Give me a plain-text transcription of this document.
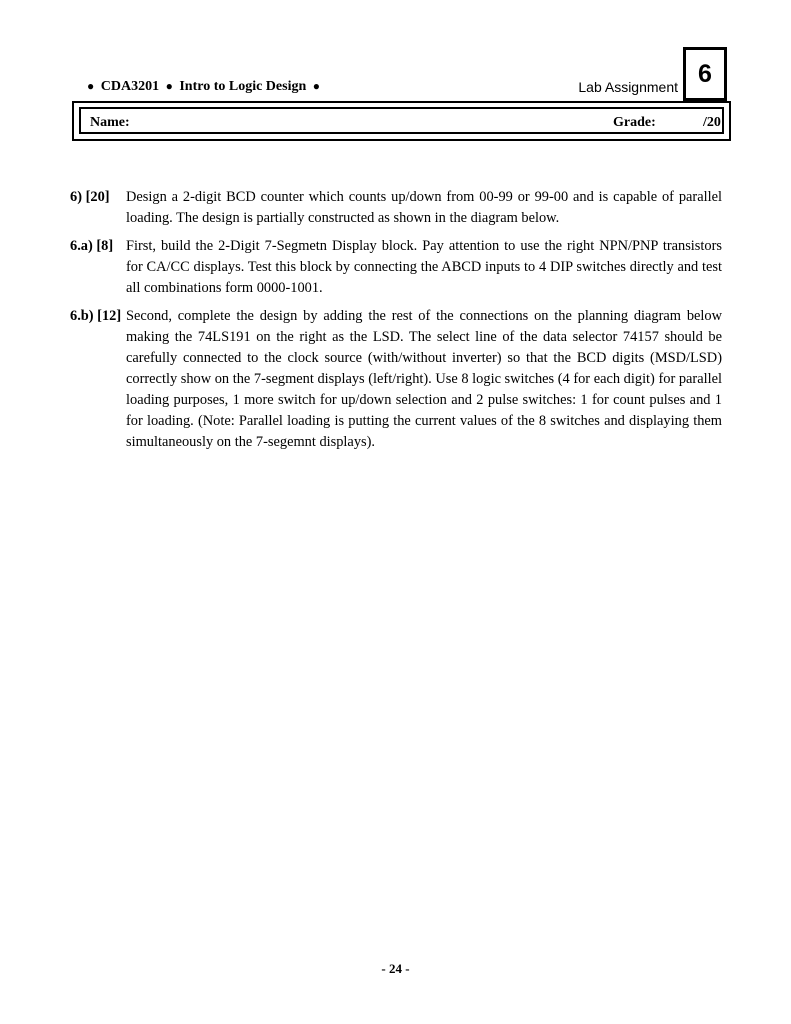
● CDA3201 ● Intro to Logic Design ●	Lab Assignment 6
Name:	Grade:	/20
6) [20] Design a 2-digit BCD counter which counts up/down from 00-99 or 99-00 and is capable of parallel loading. The design is partially constructed as shown in the diagram below.
6.a) [8] First, build the 2-Digit 7-Segmetn Display block. Pay attention to use the right NPN/PNP transistors for CA/CC displays. Test this block by connecting the ABCD inputs to 4 DIP switches directly and test all combinations form 0000-1001.
6.b) [12] Second, complete the design by adding the rest of the connections on the planning diagram below making the 74LS191 on the right as the LSD. The select line of the data selector 74157 should be carefully connected to the clock source (with/without inverter) so that the BCD digits (MSD/LSD) correctly show on the 7-segment displays (left/right). Use 8 logic switches (4 for each digit) for parallel loading purposes, 1 more switch for up/down selection and 2 pulse switches: 1 for count pulses and 1 for loading. (Note: Parallel loading is putting the current values of the 8 switches and displaying them simultaneously on the 7-segemnt displays).
- 24 -
